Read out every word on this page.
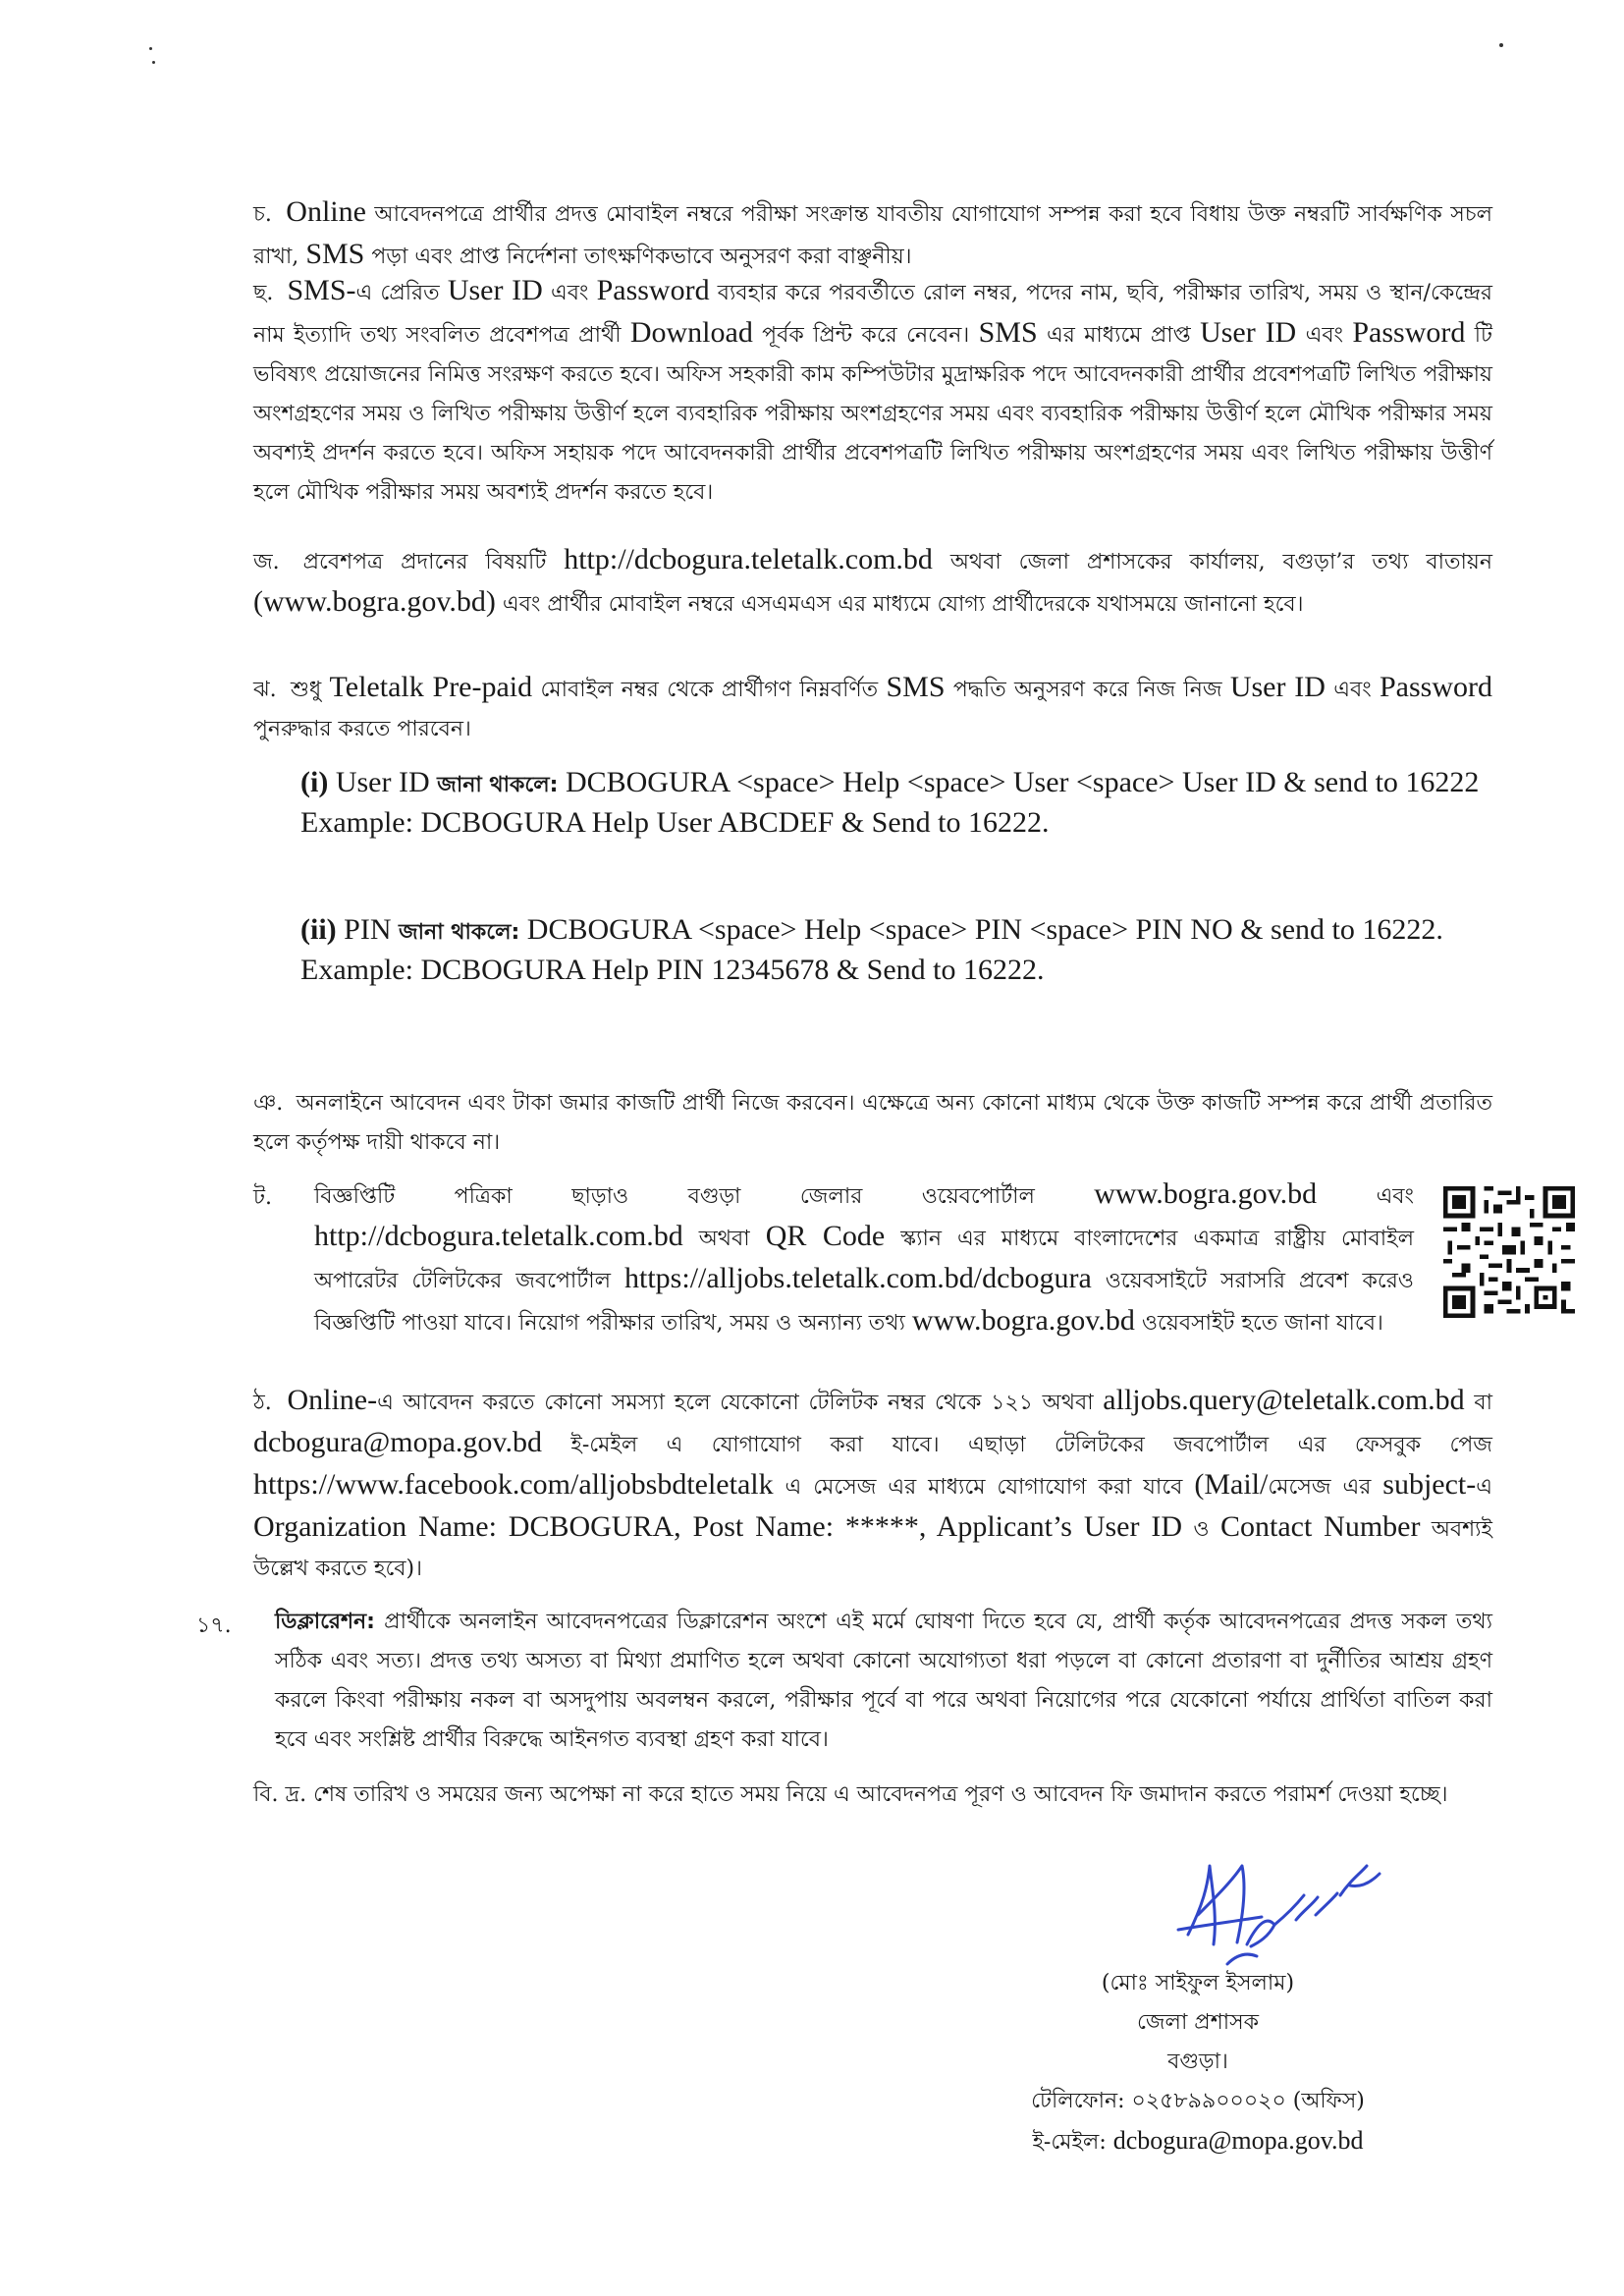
চ. Online আবেদনপত্রে প্রার্থীর প্রদত্ত মোবাইল নম্বরে পরীক্ষা সংক্রান্ত যাবতীয় যোগাযোগ সম্পন্ন করা হবে বিধায় উক্ত নম্বরটি সার্বক্ষণিক সচল রাখা, SMS পড়া এবং প্রাপ্ত নির্দেশনা তাৎক্ষণিকভাবে অনুসরণ করা বাঞ্ছনীয়।
ছ. SMS-এ প্রেরিত User ID এবং Password ব্যবহার করে পরবর্তীতে রোল নম্বর, পদের নাম, ছবি, পরীক্ষার তারিখ, সময় ও স্থান/কেন্দ্রের নাম ইত্যাদি তথ্য সংবলিত প্রবেশপত্র প্রার্থী Download পূর্বক প্রিন্ট করে নেবেন। SMS এর মাধ্যমে প্রাপ্ত User ID এবং Password টি ভবিষ্যৎ প্রয়োজনের নিমিত্ত সংরক্ষণ করতে হবে। অফিস সহকারী কাম কম্পিউটার মুদ্রাক্ষরিক পদে আবেদনকারী প্রার্থীর প্রবেশপত্রটি লিখিত পরীক্ষায় অংশগ্রহণের সময় ও লিখিত পরীক্ষায় উত্তীর্ণ হলে ব্যবহারিক পরীক্ষায় অংশগ্রহণের সময় এবং ব্যবহারিক পরীক্ষায় উত্তীর্ণ হলে মৌখিক পরীক্ষার সময় অবশ্যই প্রদর্শন করতে হবে। অফিস সহায়ক পদে আবেদনকারী প্রার্থীর প্রবেশপত্রটি লিখিত পরীক্ষায় অংশগ্রহণের সময় এবং লিখিত পরীক্ষায় উত্তীর্ণ হলে মৌখিক পরীক্ষার সময় অবশ্যই প্রদর্শন করতে হবে।
জ. প্রবেশপত্র প্রদানের বিষয়টি http://dcbogura.teletalk.com.bd অথবা জেলা প্রশাসকের কার্যালয়, বগুড়া’র তথ্য বাতায়ন (www.bogra.gov.bd) এবং প্রার্থীর মোবাইল নম্বরে এসএমএস এর মাধ্যমে যোগ্য প্রার্থীদেরকে যথাসময়ে জানানো হবে।
ঝ. শুধু Teletalk Pre-paid মোবাইল নম্বর থেকে প্রার্থীগণ নিম্নবর্ণিত SMS পদ্ধতি অনুসরণ করে নিজ নিজ User ID এবং Password পুনরুদ্ধার করতে পারবেন।
(i) User ID জানা থাকলে: DCBOGURA <space> Help <space> User <space> User ID & send to 16222
Example: DCBOGURA Help User ABCDEF & Send to 16222.
(ii) PIN জানা থাকলে: DCBOGURA <space> Help <space> PIN <space> PIN NO & send to 16222.
Example: DCBOGURA Help PIN 12345678 & Send to 16222.
ঞ. অনলাইনে আবেদন এবং টাকা জমার কাজটি প্রার্থী নিজে করবেন। এক্ষেত্রে অন্য কোনো মাধ্যম থেকে উক্ত কাজটি সম্পন্ন করে প্রার্থী প্রতারিত হলে কর্তৃপক্ষ দায়ী থাকবে না।
ট. বিজ্ঞপ্তিটি পত্রিকা ছাড়াও বগুড়া জেলার ওয়েবপোর্টাল www.bogra.gov.bd	এবং http://dcbogura.teletalk.com.bd অথবা QR Code স্ক্যান এর মাধ্যমে বাংলাদেশের একমাত্র রাষ্ট্রীয় মোবাইল অপারেটর টেলিটকের জবপোর্টাল https://alljobs.teletalk.com.bd/dcbogura ওয়েবসাইটে সরাসরি প্রবেশ করেও বিজ্ঞপ্তিটি পাওয়া যাবে। নিয়োগ পরীক্ষার তারিখ, সময় ও অন্যান্য তথ্য www.bogra.gov.bd ওয়েবসাইট হতে জানা যাবে।
ঠ. Online-এ আবেদন করতে কোনো সমস্যা হলে যেকোনো টেলিটক নম্বর থেকে ১২১ অথবা alljobs.query@teletalk.com.bd বা dcbogura@mopa.gov.bd ই-মেইল এ যোগাযোগ করা যাবে। এছাড়া টেলিটকের জবপোর্টাল এর ফেসবুক পেজ https://www.facebook.com/alljobsbdteletalk এ মেসেজ এর মাধ্যমে যোগাযোগ করা যাবে (Mail/মেসেজ এর subject-এ Organization Name: DCBOGURA, Post Name: *****, Applicant’s User ID ও Contact Number অবশ্যই উল্লেখ করতে হবে)।
১৭. ডিক্লারেশন: প্রার্থীকে অনলাইন আবেদনপত্রের ডিক্লারেশন অংশে এই মর্মে ঘোষণা দিতে হবে যে, প্রার্থী কর্তৃক আবেদনপত্রের প্রদত্ত সকল তথ্য সঠিক এবং সত্য। প্রদত্ত তথ্য অসত্য বা মিথ্যা প্রমাণিত হলে অথবা কোনো অযোগ্যতা ধরা পড়লে বা কোনো প্রতারণা বা দুর্নীতির আশ্রয় গ্রহণ করলে কিংবা পরীক্ষায় নকল বা অসদুপায় অবলম্বন করলে, পরীক্ষার পূর্বে বা পরে অথবা নিয়োগের পরে যেকোনো পর্যায়ে প্রার্থিতা বাতিল করা হবে এবং সংশ্লিষ্ট প্রার্থীর বিরুদ্ধে আইনগত ব্যবস্থা গ্রহণ করা যাবে।
বি. দ্র. শেষ তারিখ ও সময়ের জন্য অপেক্ষা না করে হাতে সময় নিয়ে এ আবেদনপত্র পূরণ ও আবেদন ফি জমাদান করতে পরামর্শ দেওয়া হচ্ছে।
(মোঃ সাইফুল ইসলাম)
জেলা প্রশাসক
বগুড়া।
টেলিফোন: ০২৫৮৯৯০০০২০ (অফিস)
ই-মেইল: dcbogura@mopa.gov.bd
